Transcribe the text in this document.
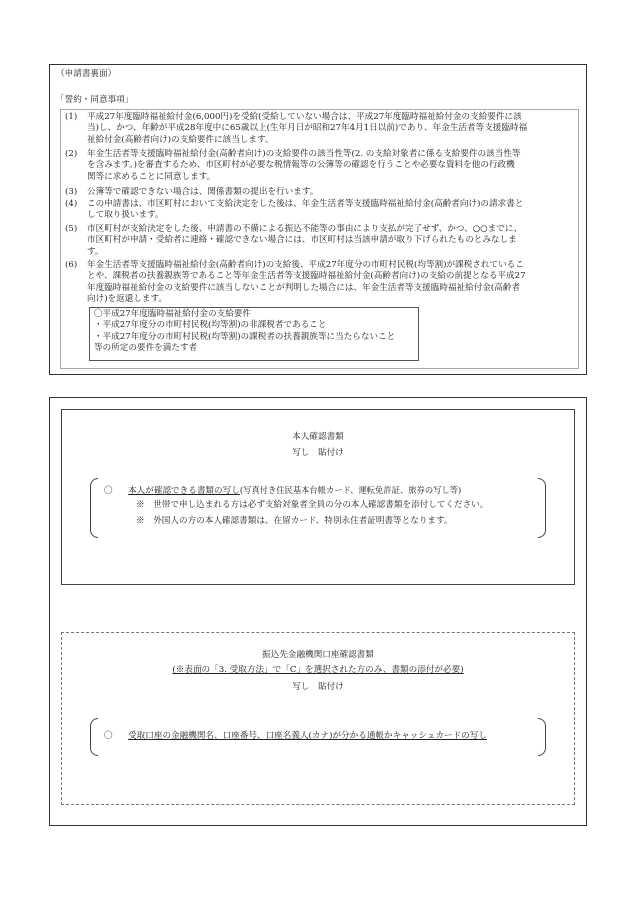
（申請書裏面）
「誓約・同意事項」
(1)	平成27年度臨時福祉給付金(6,000円)を受給(受給していない場合は、平成27年度臨時福祉給付金の支給要件に該
当)し、かつ、年齢が平成28年度中に65歳以上(生年月日が昭和27年4月1日以前)であり、年金生活者等支援臨時福
祉給付金(高齢者向け)の支給要件に該当します。
(2)	年金生活者等支援臨時福祉給付金(高齢者向け)の支給要件の該当性等(2. の支給対象者に係る支給要件の該当性等
を含みます。)を審査するため、市区町村が必要な税情報等の公簿等の確認を行うことや必要な資料を他の行政機
関等に求めることに同意します。
(3)	公簿等で確認できない場合は、関係書類の提出を行います。
(4)	この申請書は、市区町村において支給決定をした後は、年金生活者等支援臨時福祉給付金(高齢者向け)の請求書と
して取り扱います。
(5)	市区町村が支給決定をした後、申請書の不備による振込不能等の事由により支払が完了せず、かつ、○○までに、
市区町村が申請・受給者に連絡・確認できない場合には、市区町村は当該申請が取り下げられたものとみなしま
す。
(6)	年金生活者等支援臨時福祉給付金(高齢者向け)の支給後、平成27年度分の市町村民税(均等割)が課税されているこ
とや、課税者の扶養親族等であること等年金生活者等支援臨時福祉給付金(高齢者向け)の支給の前提となる平成27
年度臨時福祉給付金の支給要件に該当しないことが判明した場合には、年金生活者等支援臨時福祉給付金(高齢者
向け)を返還します。
〇平成27年度臨時福祉給付金の支給要件
・平成27年度分の市町村民税(均等割)の非課税者であること
・平成27年度分の市町村民税(均等割)の課税者の扶養親族等に当たらないこと
等の所定の要件を満たす者
本人確認書類
写し　貼付け
〇 本人が確認できる書類の写し(写真付き住民基本台帳カード、運転免許証、旅券の写し等)
※　世帯で申し込まれる方は必ず支給対象者全員の分の本人確認書類を添付してください。
※　外国人の方の本人確認書類は、在留カード、特別永住者証明書等となります。
振込先金融機関口座確認書類
(※表面の「3. 受取方法」で「C」を選択された方のみ、書類の添付が必要)
写し　貼付け
〇 受取口座の金融機関名、口座番号、口座名義人(カナ)が分かる通帳かキャッシュカードの写し
